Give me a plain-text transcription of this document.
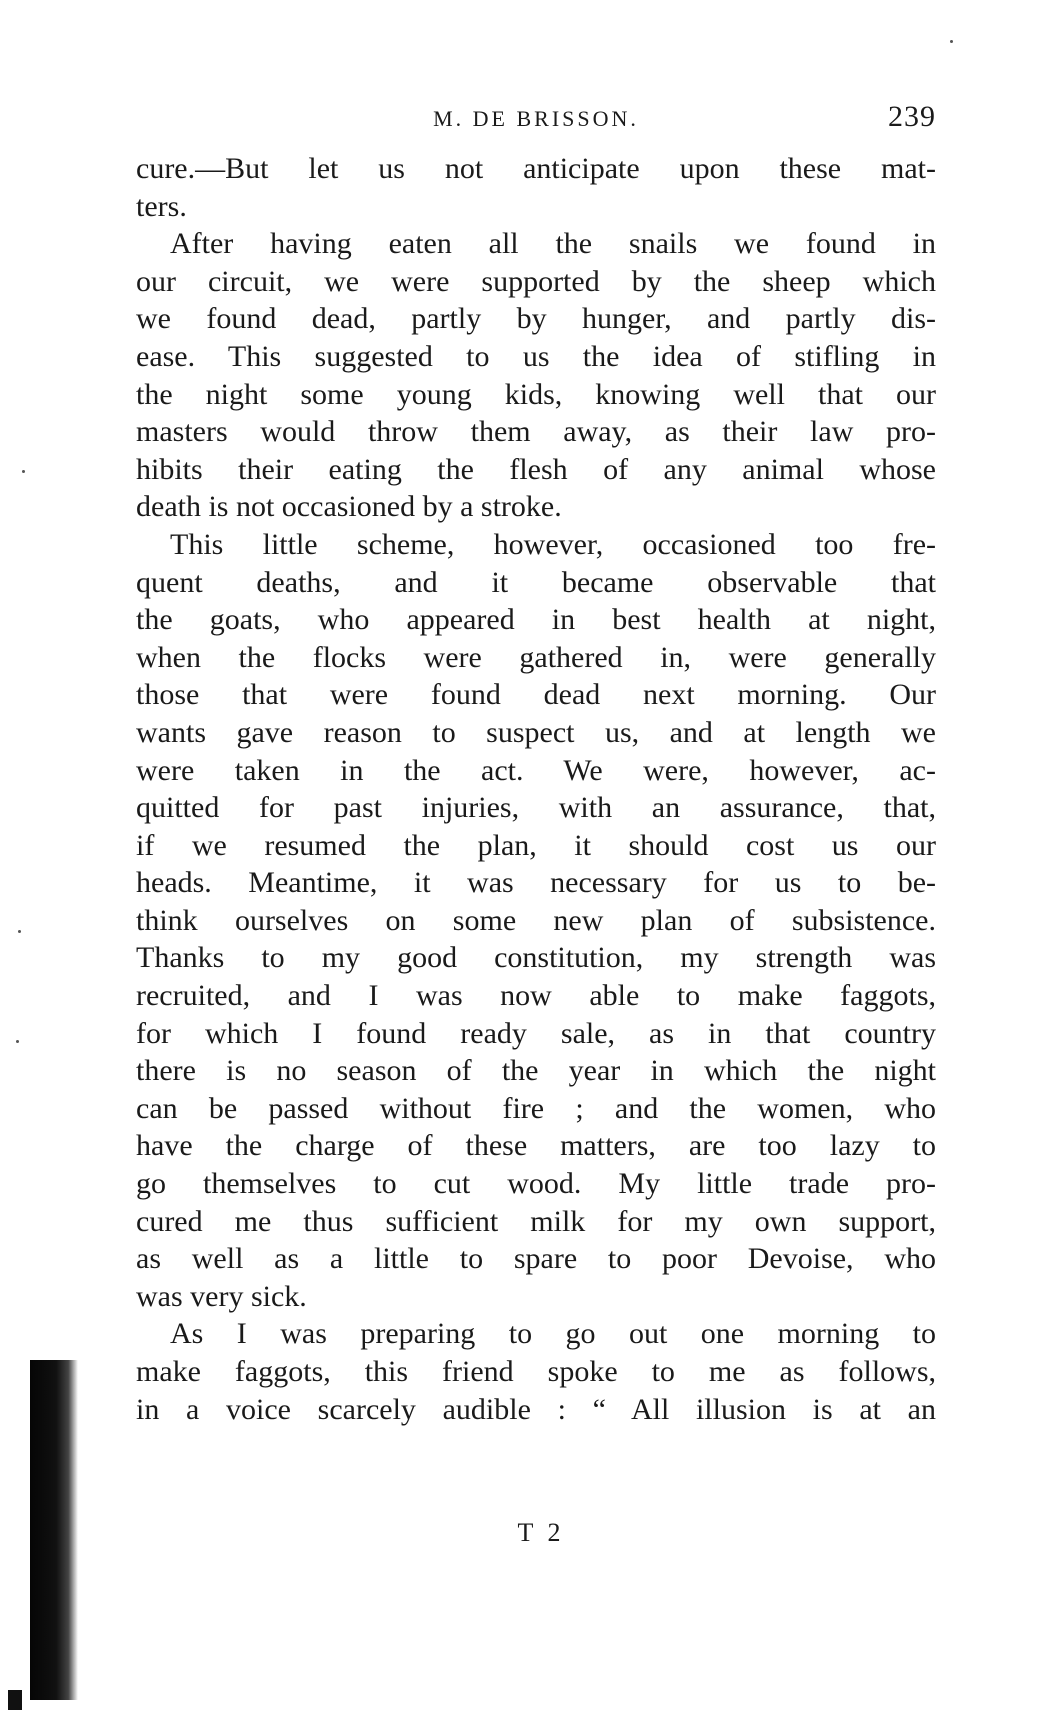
M. DE BRISSON.	239
cure.—But let us not anticipate upon these mat-
ters.
After having eaten all the snails we found in
our circuit, we were supported by the sheep which
we found dead, partly by hunger, and partly dis-
ease. This suggested to us the idea of stifling in
the night some young kids, knowing well that our
masters would throw them away, as their law pro-
hibits their eating the flesh of any animal whose
death is not occasioned by a stroke.
This little scheme, however, occasioned too fre-
quent deaths, and it became observable that
the goats, who appeared in best health at night,
when the flocks were gathered in, were generally
those that were found dead next morning. Our
wants gave reason to suspect us, and at length we
were taken in the act. We were, however, ac-
quitted for past injuries, with an assurance, that,
if we resumed the plan, it should cost us our
heads. Meantime, it was necessary for us to be-
think ourselves on some new plan of subsistence.
Thanks to my good constitution, my strength was
recruited, and I was now able to make faggots,
for which I found ready sale, as in that country
there is no season of the year in which the night
can be passed without fire ; and the women, who
have the charge of these matters, are too lazy to
go themselves to cut wood. My little trade pro-
cured me thus sufficient milk for my own support,
as well as a little to spare to poor Devoise, who
was very sick.
As I was preparing to go out one morning to
make faggots, this friend spoke to me as follows,
in a voice scarcely audible : “ All illusion is at an
T 2
